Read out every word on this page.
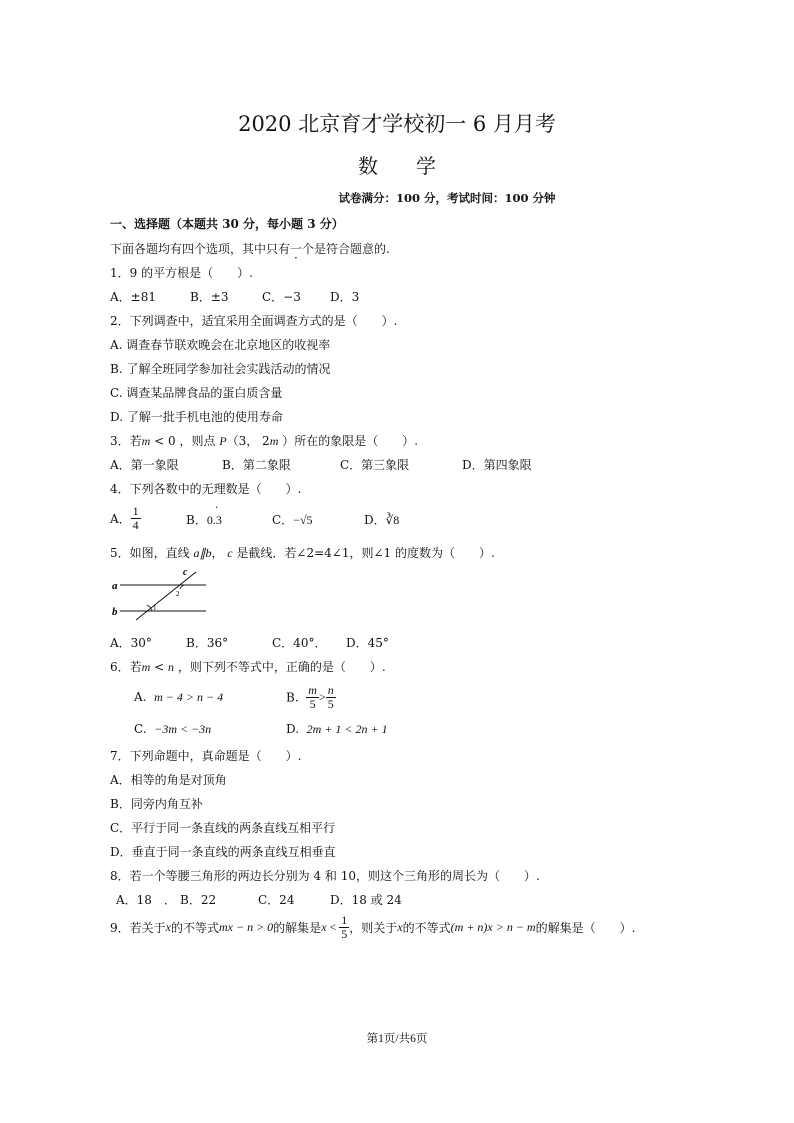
2020 北京育才学校初一 6 月月考
数学
试卷满分：100 分，考试时间：100 分钟
一、选择题（本题共 30 分，每小题 3 分）
下面各题均有四个选项，其中只有一个是符合题意的.
1．9 的平方根是（　　）.
A．±81	B．±3	C．−3 D．3
2．下列调查中，适宜采用全面调查方式的是（　　）.
A. 调查春节联欢晚会在北京地区的收视率
B. 了解全班同学参加社会实践活动的情况
C. 调查某品牌食品的蛋白质含量
D. 了解一批手机电池的使用寿命
3．若m < 0 ，则点 P（3， 2m ）所在的象限是（　　）.
A．第一象限	B．第二象限	C．第三象限	D．第四象限
4．下列各数中的无理数是（　　）.
A． $\frac{1}{4}$	B．0.3
·
C．−√5	D．∛8
5．如图，直线 a∥b， c 是截线．若∠2=4∠1，则∠1 的度数为（　　）.
a
b
c
1
2
A．30°	B．36°	C．40°． D．45°
6．若m < n ，则下列不等式中，正确的是（　　）.
A. m − 4 > n − 4	B. $\frac{m}{5} > \frac{n}{5}$
C. −3m < −3n	D. 2m + 1 < 2n + 1
7．下列命题中，真命题是（　　）.
A．相等的角是对顶角
B．同旁内角互补
C．平行于同一条直线的两条直线互相平行
D．垂直于同一条直线的两条直线互相垂直
8．若一个等腰三角形的两边长分别为 4 和 10，则这个三角形的周长为（　　）.
A．18　． B．22	C．24	D．18 或 24
9．若关于x的不等式mx − n > 0的解集是$x < \frac{1}{5}$ ，则关于x的不等式(m + n)x > n − m的解集是（　　）.
第1页/共6页
